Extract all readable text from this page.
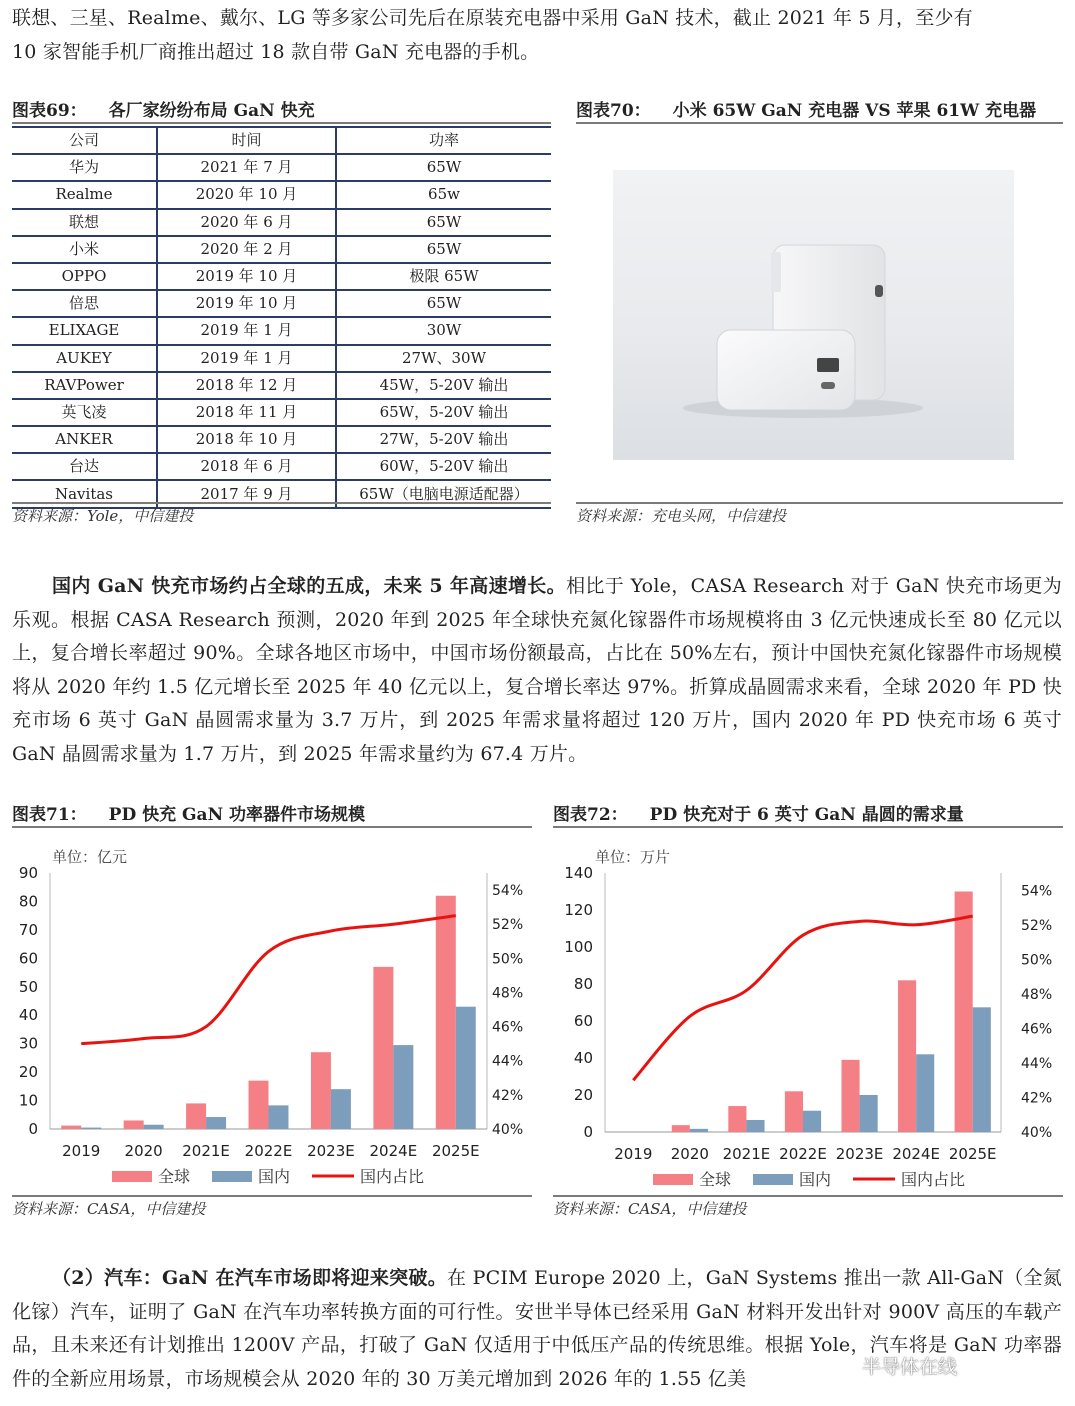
联想、三星、Realme、戴尔、LG 等多家公司先后在原装充电器中采用 GaN 技术，截止 2021 年 5 月，至少有
10 家智能手机厂商推出超过 18 款自带 GaN 充电器的手机。
图表69： 各厂家纷纷布局 GaN 快充	图表70： 小米 65W GaN 充电器 VS 苹果 61W 充电器
公司	时间	功率
华为	2021 年 7 月	65W
Realme	2020 年 10 月	65w
联想	2020 年 6 月	65W
小米	2020 年 2 月	65W
OPPO	2019 年 10 月	极限 65W
倍思	2019 年 10 月	65W
ELIXAGE	2019 年 1 月	30W
AUKEY	2019 年 1 月	27W、30W
RAVPower	2018 年 12 月	45W，5-20V 输出
英飞凌	2018 年 11 月	65W，5-20V 输出
ANKER	2018 年 10 月	27W，5-20V 输出
台达	2018 年 6 月	60W，5-20V 输出
Navitas	2017 年 9 月	65W（电脑电源适配器）
资料来源：Yole，中信建投	资料来源：充电头网，中信建投
国内 GaN 快充市场约占全球的五成，未来 5 年高速增长。相比于 Yole，CASA Research 对于 GaN 快充市场更为乐观。根据 CASA Research 预测，2020 年到 2025 年全球快充氮化镓器件市场规模将由 3 亿元快速成长至 80 亿元以上，复合增长率超过 90%。全球各地区市场中，中国市场份额最高，占比在 50%左右，预计中国快充氮化镓器件市场规模将从 2020 年约 1.5 亿元增长至 2025 年 40 亿元以上，复合增长率达 97%。折算成晶圆需求来看，全球 2020 年 PD 快充市场 6 英寸 GaN 晶圆需求量为 3.7 万片，到 2025 年需求量将超过 120 万片，国内 2020 年 PD 快充市场 6 英寸 GaN 晶圆需求量为 1.7 万片，到 2025 年需求量约为 67.4 万片。
图表71： PD 快充 GaN 功率器件市场规模	图表72： PD 快充对于 6 英寸 GaN 晶圆的需求量
单位：亿元
0
10
20
30
40
50
60
70
80
90
40%
42%
44%
46%
48%
50%
52%
54%
2019 2020 2021E 2022E 2023E 2024E 2025E
全球	国内	国内占比
单位：万片
0
20
40
60
80
100
120
140
40%
42%
44%
46%
48%
50%
52%
54%
2019 2020 2021E 2022E 2023E 2024E 2025E
全球	国内	国内占比
资料来源：CASA，中信建投	资料来源：CASA，中信建投
（2）汽车：GaN 在汽车市场即将迎来突破。在 PCIM Europe 2020 上，GaN Systems 推出一款 All-GaN（全氮化镓）汽车，证明了 GaN 在汽车功率转换方面的可行性。安世半导体已经采用 GaN 材料开发出针对 900V 高压的车载产品，且未来还有计划推出 1200V 产品，打破了 GaN 仅适用于中低压产品的传统思维。根据 Yole，汽车将是 GaN 功率器件的全新应用场景，市场规模会从 2020 年的 30 万美元增加到 2026 年的 1.55 亿美
半导体在线
